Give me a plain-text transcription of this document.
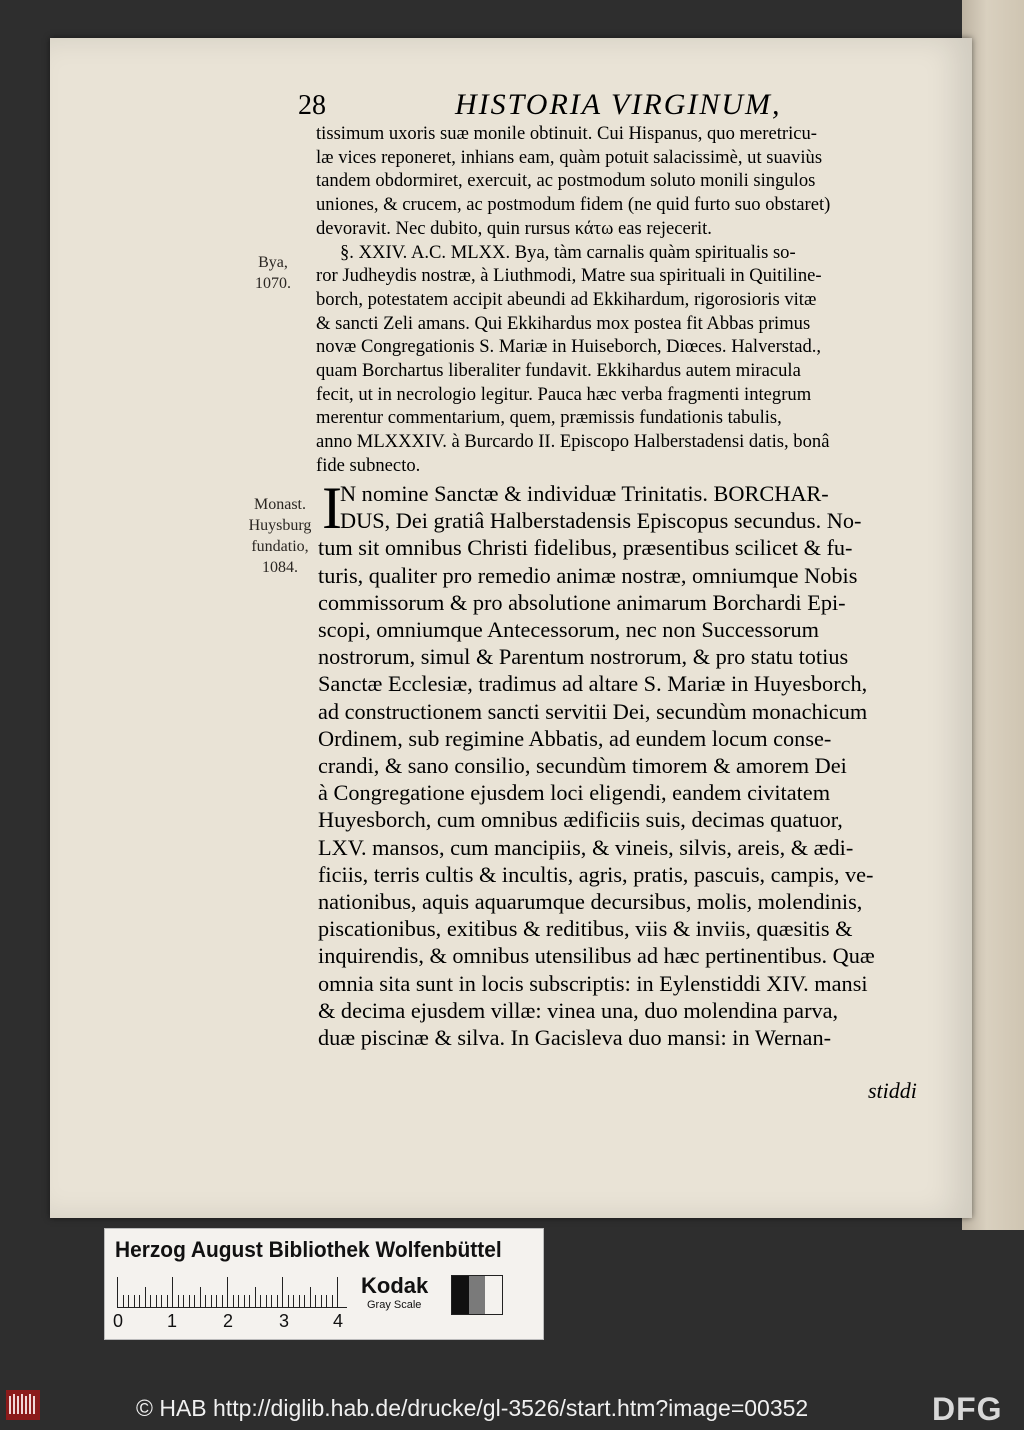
28	HISTORIA VIRGINUM,
tissimum uxoris suæ monile obtinuit. Cui Hispanus, quo meretricu-
læ vices reponeret, inhians eam, quàm potuit salacissimè, ut suaviùs
tandem obdormiret, exercuit, ac postmodum soluto monili singulos
uniones, & crucem, ac postmodum fidem (ne quid furto suo obstaret)
devoravit. Nec dubito, quin rursus κάτω eas rejecerit.
§. XXIV. A.C. MLXX. Bya, tàm carnalis quàm spiritualis so-
ror Judheydis nostræ, à Liuthmodi, Matre sua spirituali in Quitiline-
borch, potestatem accipit abeundi ad Ekkihardum, rigorosioris vitæ
& sancti Zeli amans. Qui Ekkihardus mox postea fit Abbas primus
novæ Congregationis S. Mariæ in Huiseborch, Diœces. Halverstad.,
quam Borchartus liberaliter fundavit. Ekkihardus autem miracula
fecit, ut in necrologio legitur. Pauca hæc verba fragmenti integrum
merentur commentarium, quem, præmissis fundationis tabulis,
anno MLXXXIV. à Burcardo II. Episcopo Halberstadensi datis, bonâ
fide subnecto.
Bya,
1070.
Monast.
Huysburg
fundatio,
1084.
I
N nomine Sanctæ & individuæ Trinitatis. BORCHAR-
DUS, Dei gratiâ Halberstadensis Episcopus secundus. No-
tum sit omnibus Christi fidelibus, præsentibus scilicet & fu-
turis, qualiter pro remedio animæ nostræ, omniumque Nobis
commissorum & pro absolutione animarum Borchardi Epi-
scopi, omniumque Antecessorum, nec non Successorum
nostrorum, simul & Parentum nostrorum, & pro statu totius
Sanctæ Ecclesiæ, tradimus ad altare S. Mariæ in Huyesborch,
ad constructionem sancti servitii Dei, secundùm monachicum
Ordinem, sub regimine Abbatis, ad eundem locum conse-
crandi, & sano consilio, secundùm timorem & amorem Dei
à Congregatione ejusdem loci eligendi, eandem civitatem
Huyesborch, cum omnibus ædificiis suis, decimas quatuor,
LXV. mansos, cum mancipiis, & vineis, silvis, areis, & ædi-
ficiis, terris cultis & incultis, agris, pratis, pascuis, campis, ve-
nationibus, aquis aquarumque decursibus, molis, molendinis,
piscationibus, exitibus & reditibus, viis & inviis, quæsitis &
inquirendis, & omnibus utensilibus ad hæc pertinentibus. Quæ
omnia sita sunt in locis subscriptis: in Eylenstiddi XIV. mansi
& decima ejusdem villæ: vinea una, duo molendina parva,
duæ piscinæ & silva. In Gacisleva duo mansi: in Wernan-
stiddi
Herzog August Bibliothek Wolfenbüttel
0 1	2	3 4
Kodak
Gray Scale
© HAB http://diglib.hab.de/drucke/gl-3526/start.htm?image=00352	DFG
